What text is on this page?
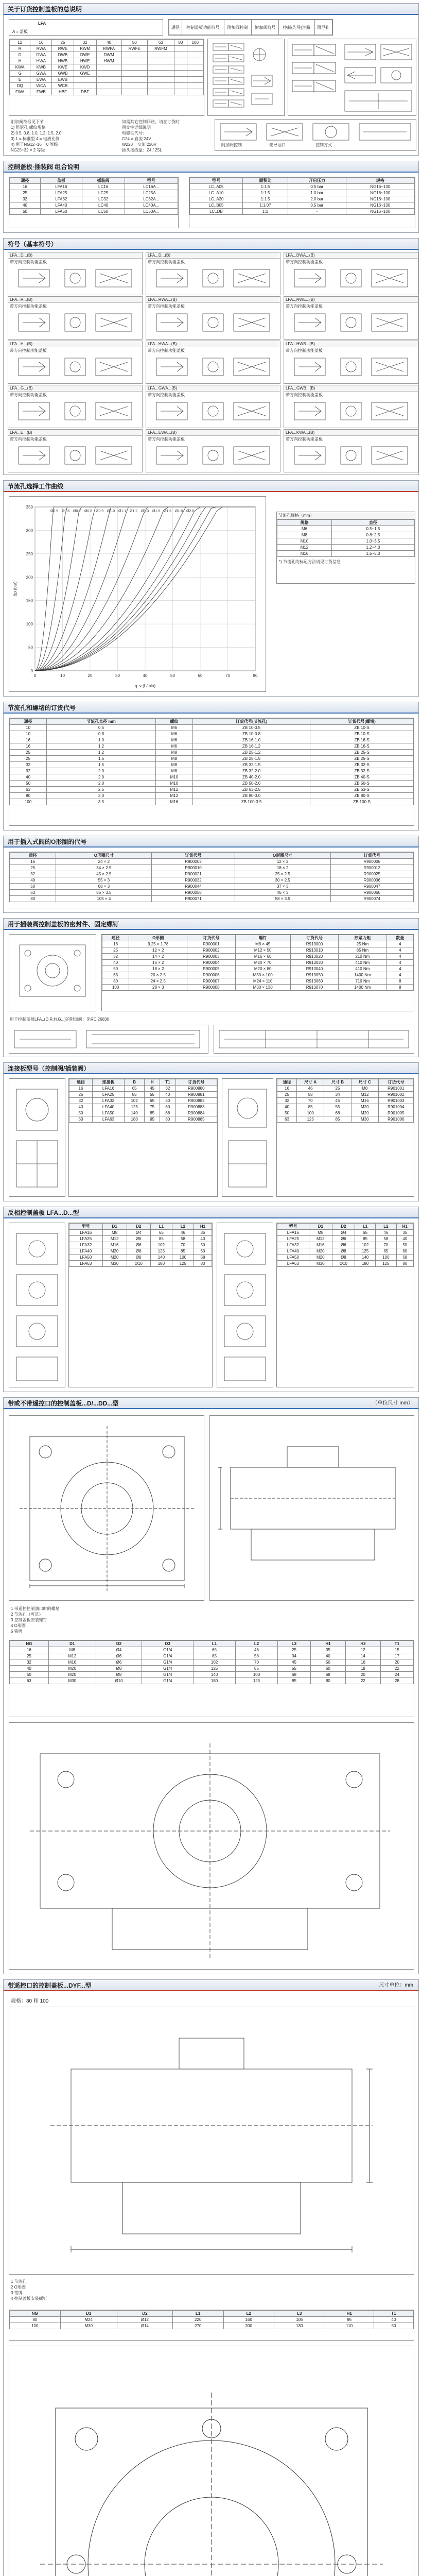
关于订货控制盖板的总说明
LFA
A = 盖板
通径	控制盖板功能符号	附加阀控制	附加阀符号	控制(先导)油路	阻尼孔
12	16	25	32	40	50	63	80	100
R	RWA	RWE	RWM	RWFA	RWFE	RWFM		
D	DWA	DWB	DWE	DWM				
H	HWA	HWB	HWE	HWM				
KWA	KWB	KWE	KWD					
G	GWA	GWB	GWE					
E	EWA	EWB						
DQ	WCA	WCB						
FWA	FWB	HBF	DBF					
附加阀符号见下节
1) 阻尼孔 螺纹规格
2) 0.5, 0.8, 1.0, 1.2, 1.5, 2.0
3) 1 = 标准型 4 = 电液比例
4) 用于NG12~16 = 0 等级
NG25~32 = 2 等级
如需其它控制回路，请在订货时
用文字详细说明。
电磁铁代号：
G24 = 直流 24V
W220 = 交流 220V
插头接线盒：Z4 / Z5L
附加阀控制	先导油口	控制方式
控制盖板·插装阀 组合说明
通径	盖板	插装阀	型号
16	LFA16	LC16	LC16A...
25	LFA25	LC25	LC25A...
32	LFA32	LC32	LC32A...
40	LFA40	LC40	LC40A...
50	LFA50	LC50	LC50A...
型号	面积比	开启压力	规格
LC..A05	1:1.5	0.5 bar	NG16~100
LC..A10	1:1.5	1.0 bar	NG16~100
LC..A20	1:1.5	2.0 bar	NG16~100
LC..B05	1:1.07	0.5 bar	NG16~100
LC..DB	1:1	-	NG16~100
符号（基本符号）
LFA...D...(B)
带方向控制功能盖板
LFA...D...(B)
带方向控制功能盖板
LFA...DWA...(B)
带方向控制功能盖板
LFA...R...(B)
带方向控制功能盖板
LFA...RWA...(B)
带方向控制功能盖板
LFA...RWE...(B)
带方向控制功能盖板
LFA...H...(B)
带方向控制功能盖板
LFA...HWA...(B)
带方向控制功能盖板
LFA...HWB...(B)
带方向控制功能盖板
LFA...G...(B)
带方向控制功能盖板
LFA...GWA...(B)
带方向控制功能盖板
LFA...GWB...(B)
带方向控制功能盖板
LFA...E...(B)
带方向控制功能盖板
LFA...EWA...(B)
带方向控制功能盖板
LFA...KWA...(B)
带方向控制功能盖板
节流孔选择工作曲线
0	10	20	30	40	50	60	70	80
0
50
100
150
200
250
300
350
Δp (bar)
q_v (L/min)
Ø0.5 Ø0.6 Ø0.7 Ø0.8 Ø0.9 Ø1.0 Ø1.1 Ø1.2 Ø1.3 Ø1.5 Ø1.6 Ø1.8 Ø2.0
节流孔规格（mm）
规格	直径
M6	0.5~1.5
M8	0.8~2.5
M10	1.0~3.5
M12	1.2~4.0
M16	1.5~5.0
*) 节流孔的标记方法请见订货信息
节流孔和螺堵的订货代号
通径	节流孔直径 mm	螺纹	订货代号(节流孔)	订货代号(螺堵)
10	0.5	M6	ZB 10-0.5	ZB 10-S
10	0.8	M6	ZB 10-0.8	ZB 10-S
16	1.0	M6	ZB 16-1.0	ZB 16-S
16	1.2	M6	ZB 16-1.2	ZB 16-S
25	1.2	M8	ZB 25-1.2	ZB 25-S
25	1.5	M8	ZB 25-1.5	ZB 25-S
32	1.5	M8	ZB 32-1.5	ZB 32-S
32	2.0	M8	ZB 32-2.0	ZB 32-S
40	2.0	M10	ZB 40-2.0	ZB 40-S
50	2.0	M10	ZB 50-2.0	ZB 50-S
63	2.5	M12	ZB 63-2.5	ZB 63-S
80	3.0	M12	ZB 80-3.0	ZB 80-S
100	3.5	M16	ZB 100-3.5	ZB 100-S
用于插入式阀的O形圈的代号
通径	O形圈尺寸	订货代号	O形圈尺寸	订货代号
16	24 × 2	R900003	12 × 2	R900006
25	34 × 2.5	R900010	18 × 2	R900012
32	45 × 2.5	R900021	25 × 2.5	R900025
40	55 × 3	R900032	30 × 2.5	R900036
50	68 × 3	R900044	37 × 3	R900047
63	85 × 3.5	R900058	46 × 3	R900060
80	105 × 4	R900071	58 × 3.5	R900074
用于插装阀控制盖板的密封件、固定螺钉
通径	O形圈	订货代号	螺钉	订货代号	拧紧力矩	数量
16	9.25 × 1.78	R900001	M8 × 45	R913000	25 Nm	4
25	12 × 2	R900002	M12 × 50	R913010	85 Nm	4
32	14 × 2	R900003	M16 × 60	R913020	210 Nm	4
40	16 × 2	R900004	M20 × 70	R913030	410 Nm	4
50	18 × 2	R900005	M20 × 80	R913040	410 Nm	4
63	20 × 2.5	R900006	M30 × 100	R913050	1400 Nm	4
80	24 × 2.5	R900007	M24 × 110	R913060	710 Nm	8
100	28 × 3	R900008	M30 × 130	R913070	1400 Nm	8
用于控制盖板LFA..(D.R.H.G...)的附加阀：见RC 26830
连接板型号（控制阀/插装阀）
通径	连接板	B	H	T1	订货代号
16	LFA16	65	45	32	R900880
25	LFA25	85	55	40	R900881
32	LFA32	102	65	50	R900882
40	LFA40	125	75	60	R900883
50	LFA50	140	85	68	R900884
63	LFA63	180	95	80	R900885
通径	尺寸 A	尺寸 B	尺寸 C	订货代号
16	46	25	M8	R901001
25	58	34	M12	R901002
32	70	45	M16	R901003
40	85	55	M20	R901004
50	100	68	M20	R901005
63	125	85	M30	R901006
反相控制盖板 LFA...D...型
型号	D1	D2	L1	L2	H1
LFA16	M8	Ø4	65	46	35
LFA25	M12	Ø6	85	58	40
LFA32	M16	Ø6	102	70	50
LFA40	M20	Ø8	125	85	60
LFA50	M20	Ø8	140	100	68
LFA63	M30	Ø10	180	125	80
型号	D1	D2	L1	L2	H1
LFA16	M8	Ø4	65	46	35
LFA25	M12	Ø6	85	58	40
LFA32	M16	Ø6	102	70	50
LFA40	M20	Ø8	125	85	60
LFA50	M20	Ø8	140	100	68
LFA63	M30	Ø10	180	125	80
带或不带遥控口的控制盖板...D/...DD...型	（单位尺寸 mm）
1 带遥控控制油口时的螺堵
2 节流孔（可选）
3 控制盖板安装螺钉
4 O形圈
5 铭牌
NG	D1	D2	D3	L1	L2	L3	H1	H2	T1
16	M8	Ø4	G1/4	65	46	25	35	12	15
25	M12	Ø6	G1/4	85	58	34	40	14	17
32	M16	Ø6	G1/4	102	70	45	50	16	20
40	M20	Ø8	G1/4	125	85	55	60	18	22
50	M20	Ø8	G1/4	140	100	68	68	20	24
63	M30	Ø10	G1/4	180	125	85	80	22	28
带遥控口的控制盖板...DYF...型	尺寸单位：mm
规格：80 和 100
1 节流孔
2 O形圈
3 铭牌
4 控制盖板安装螺钉
NG	D1	D2	L1	L2	L3	H1	T1
80	M24	Ø12	220	160	105	95	40
100	M30	Ø14	270	200	130	110	50
